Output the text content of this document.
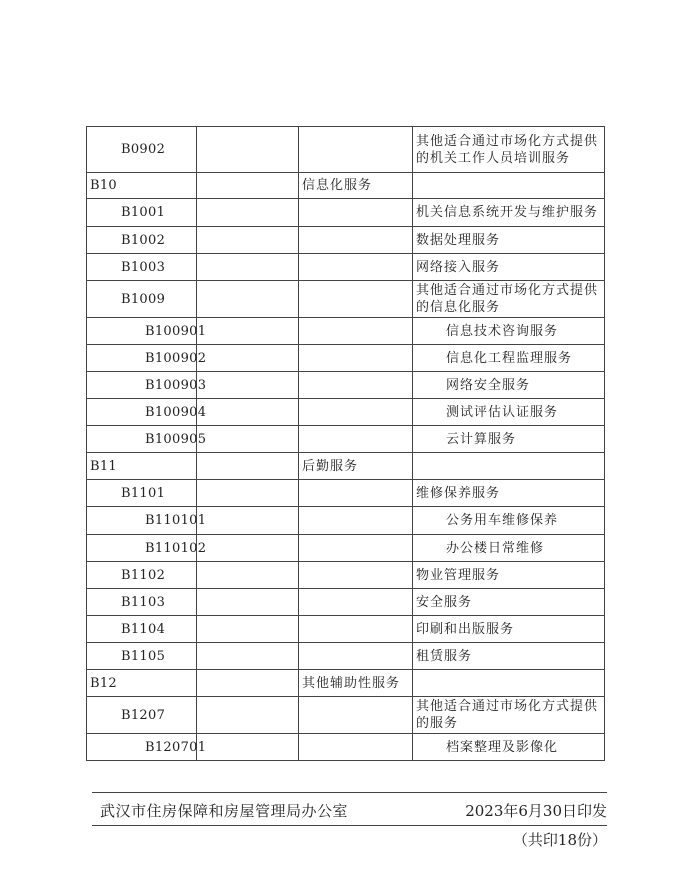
B0902			其他适合通过市场化方式提供的机关工作人员培训服务
B10		信息化服务	
B1001			机关信息系统开发与维护服务
B1002			数据处理服务
B1003			网络接入服务
B1009			其他适合通过市场化方式提供的信息化服务
B100901			信息技术咨询服务
B100902			信息化工程监理服务
B100903			网络安全服务
B100904			测试评估认证服务
B100905			云计算服务
B11		后勤服务	
B1101			维修保养服务
B110101			公务用车维修保养
B110102			办公楼日常维修
B1102			物业管理服务
B1103			安全服务
B1104			印刷和出版服务
B1105			租赁服务
B12		其他辅助性服务	
B1207			其他适合通过市场化方式提供的服务
B120701			档案整理及影像化
武汉市住房保障和房屋管理局办公室	2023年6月30日印发
（共印18份）
